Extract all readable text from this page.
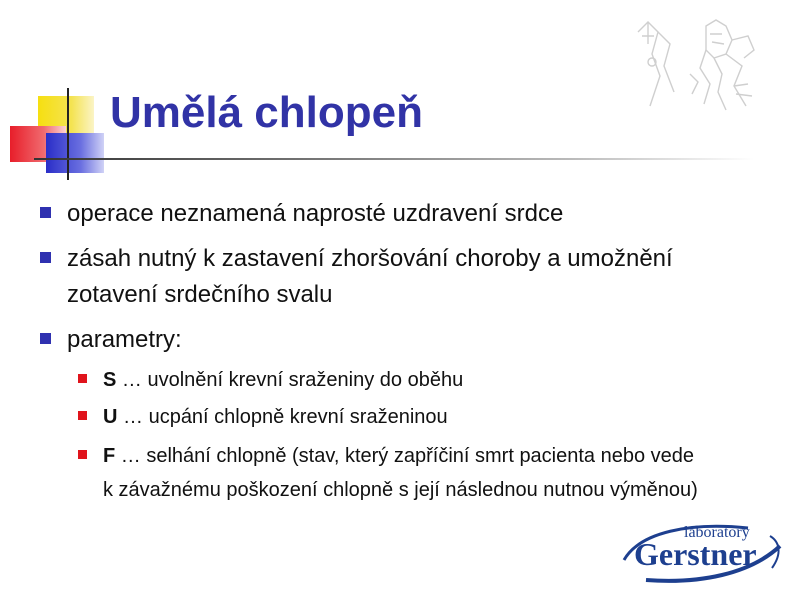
Umělá chlopeň
operace neznamená naprosté uzdravení srdce
zásah nutný k zastavení zhoršování choroby a umožnění
zotavení srdečního svalu
parametry:
S … uvolnění krevní sraženiny do oběhu
U … ucpání chlopně krevní sraženinou
F … selhání chlopně (stav, který zapříčiní smrt pacienta nebo vede
k závažnému poškození chlopně s její následnou nutnou výměnou)
laboratory
Gerstner
